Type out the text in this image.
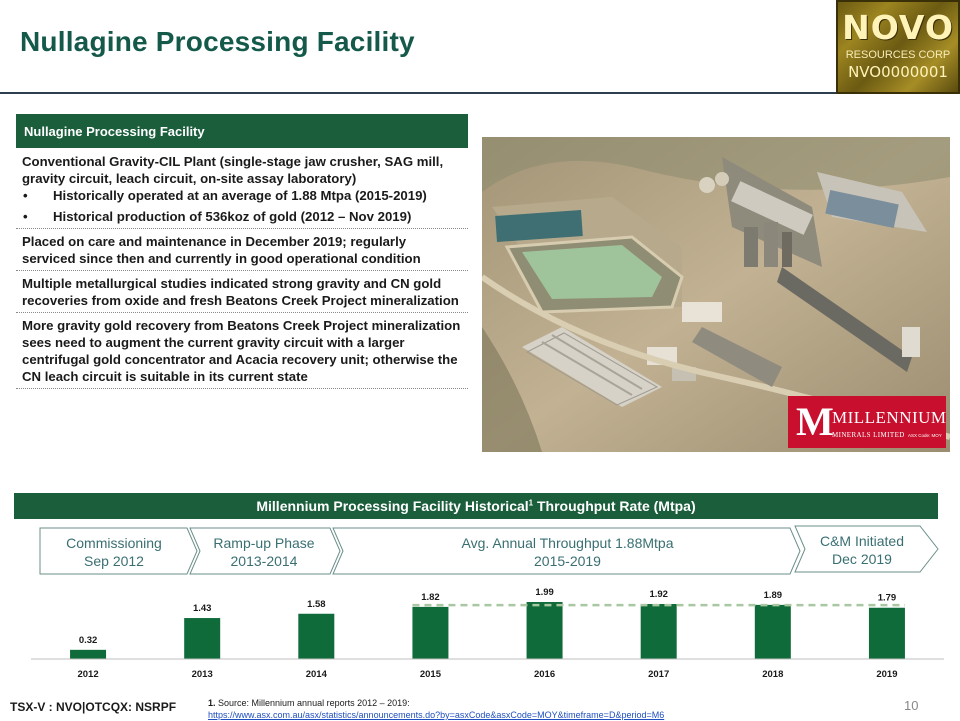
Nullagine Processing Facility	NOVO
RESOURCES CORP
NVO0000001
Nullagine Processing Facility
Conventional Gravity-CIL Plant (single-stage jaw crusher, SAG mill, gravity circuit, leach circuit, on-site assay laboratory)
•	Historically operated at an average of 1.88 Mtpa (2015-2019)
•	Historical production of 536koz of gold (2012 – Nov 2019)
Placed on care and maintenance in December 2019; regularly serviced since then and currently in good operational condition
Multiple metallurgical studies indicated strong gravity and CN gold recoveries from oxide and fresh Beatons Creek Project mineralization
More gravity gold recovery from Beatons Creek Project mineralization sees need to augment the current gravity circuit with a larger centrifugal gold concentrator and Acacia recovery unit; otherwise the CN leach circuit is suitable in its current state
M
MILLENNIUM
MINERALS LIMITED ASX Code: MOY
Millennium Processing Facility Historical$^1$ Throughput Rate (Mtpa)
Commissioning
Sep 2012
Ramp-up Phase
2013-2014
Avg. Annual Throughput 1.88Mtpa
2015-2019
C&M Initiated
Dec 2019
0.32
2012
1.43
2013
1.58
2014
1.82
2015
1.99
2016
1.92
2017
1.89
2018
1.79
2019
TSX-V : NVO|OTCQX: NSRPF	1. Source: Millennium annual reports 2012 – 2019:
https://www.asx.com.au/asx/statistics/announcements.do?by=asxCode&asxCode=MOY&timeframe=D&period=M6
10
